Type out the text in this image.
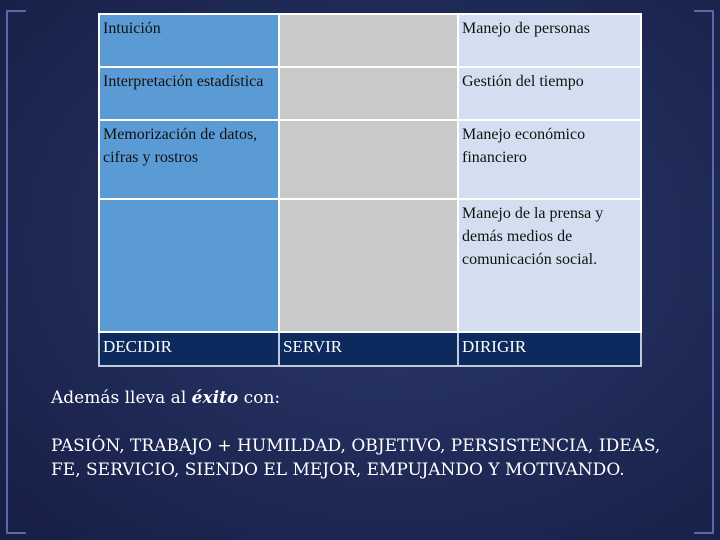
Intuición		Manejo de personas
Interpretación estadística		Gestión del tiempo
Memorización de datos, cifras y rostros		Manejo económico financiero
		Manejo de la prensa y demás medios de comunicación social.
DECIDIR	SERVIR	DIRIGIR
Además lleva al éxito con:
PASIÓN, TRABAJO + HUMILDAD, OBJETIVO, PERSISTENCIA, IDEAS, FE, SERVICIO, SIENDO EL MEJOR, EMPUJANDO Y MOTIVANDO.
